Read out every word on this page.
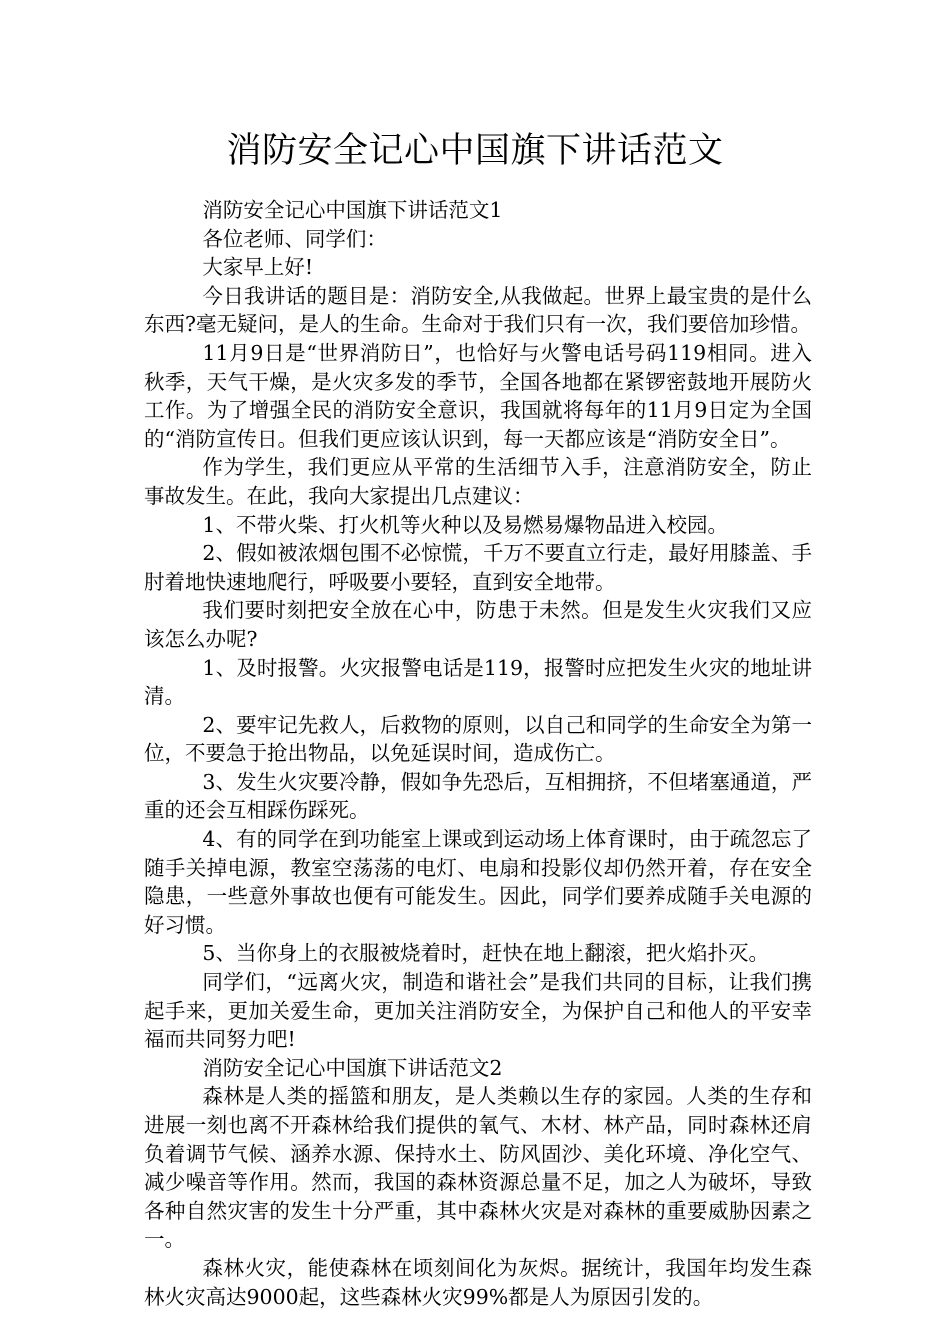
消防安全记心中国旗下讲话范文

消防安全记心中国旗下讲话范文1

各位老师、同学们：

大家早上好!

今日我讲话的题目是：消防安全,从我做起。世界上最宝贵的是什么东西?毫无疑问，是人的生命。生命对于我们只有一次，我们要倍加珍惜。

11月9日是“世界消防日”，也恰好与火警电话号码119相同。进入秋季，天气干燥，是火灾多发的季节，全国各地都在紧锣密鼓地开展防火工作。为了增强全民的消防安全意识，我国就将每年的11月9日定为全国的“消防宣传日。但我们更应该认识到，每一天都应该是“消防安全日”。

作为学生，我们更应从平常的生活细节入手，注意消防安全，防止事故发生。在此，我向大家提出几点建议：

1、不带火柴、打火机等火种以及易燃易爆物品进入校园。

2、假如被浓烟包围不必惊慌，千万不要直立行走，最好用膝盖、手肘着地快速地爬行，呼吸要小要轻，直到安全地带。

我们要时刻把安全放在心中，防患于未然。但是发生火灾我们又应该怎么办呢?

1、及时报警。火灾报警电话是119，报警时应把发生火灾的地址讲清。

2、要牢记先救人，后救物的原则，以自己和同学的生命安全为第一位，不要急于抢出物品，以免延误时间，造成伤亡。

3、发生火灾要冷静，假如争先恐后，互相拥挤，不但堵塞通道，严重的还会互相踩伤踩死。

4、有的同学在到功能室上课或到运动场上体育课时，由于疏忽忘了随手关掉电源，教室空荡荡的电灯、电扇和投影仪却仍然开着，存在安全隐患，一些意外事故也便有可能发生。因此，同学们要养成随手关电源的好习惯。

5、当你身上的衣服被烧着时，赶快在地上翻滚，把火焰扑灭。

同学们，“远离火灾，制造和谐社会”是我们共同的目标，让我们携起手来，更加关爱生命，更加关注消防安全，为保护自己和他人的平安幸福而共同努力吧!

消防安全记心中国旗下讲话范文2

森林是人类的摇篮和朋友，是人类赖以生存的家园。人类的生存和进展一刻也离不开森林给我们提供的氧气、木材、林产品，同时森林还肩负着调节气候、涵养水源、保持水土、防风固沙、美化环境、净化空气、减少噪音等作用。然而，我国的森林资源总量不足，加之人为破坏，导致各种自然灾害的发生十分严重，其中森林火灾是对森林的重要威胁因素之一。

森林火灾，能使森林在顷刻间化为灰烬。据统计，我国年均发生森林火灾高达9000起，这些森林火灾99%都是人为原因引发的。
